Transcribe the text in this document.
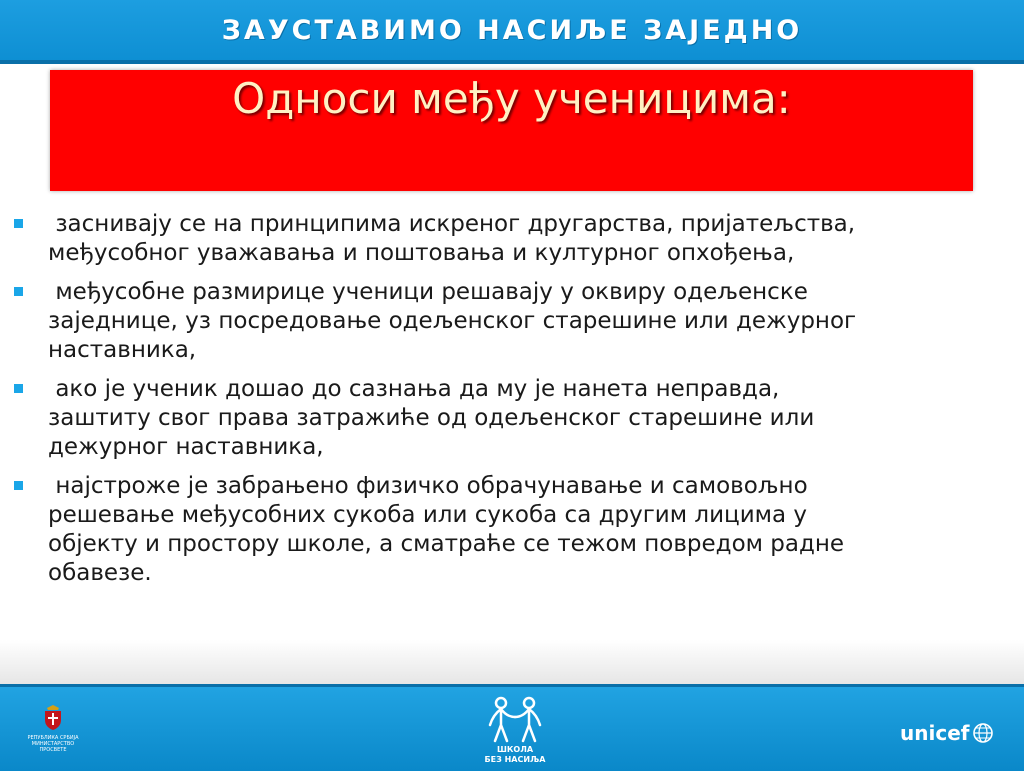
ЗАУСТАВИМО НАСИЉЕ ЗАЈЕДНО
Односи међу ученицима:
заснивају се на принципима искреног другарства, пријатељства,
међусобног уважавања и поштовања и културног опхођења,
међусобне размирице ученици решавају у оквиру одељенске
заједнице, уз посредовање одељенског старешине или дежурног
наставника,
ако је ученик дошао до сазнања да му је нанета неправда,
заштиту свог права затражиће од одељенског старешине или
дежурног наставника,
најстроже је забрањено физичко обрачунавање и самовољно
решевање међусобних сукоба или сукоба са другим лицима у
објекту и простору школе, а сматраће се тежом повредом радне
обавезе.
РЕПУБЛИКА СРБИЈА
МИНИСТАРСТВО ПРОСВЕТЕ	ШКОЛА
БЕЗ НАСИЉА
unicef
